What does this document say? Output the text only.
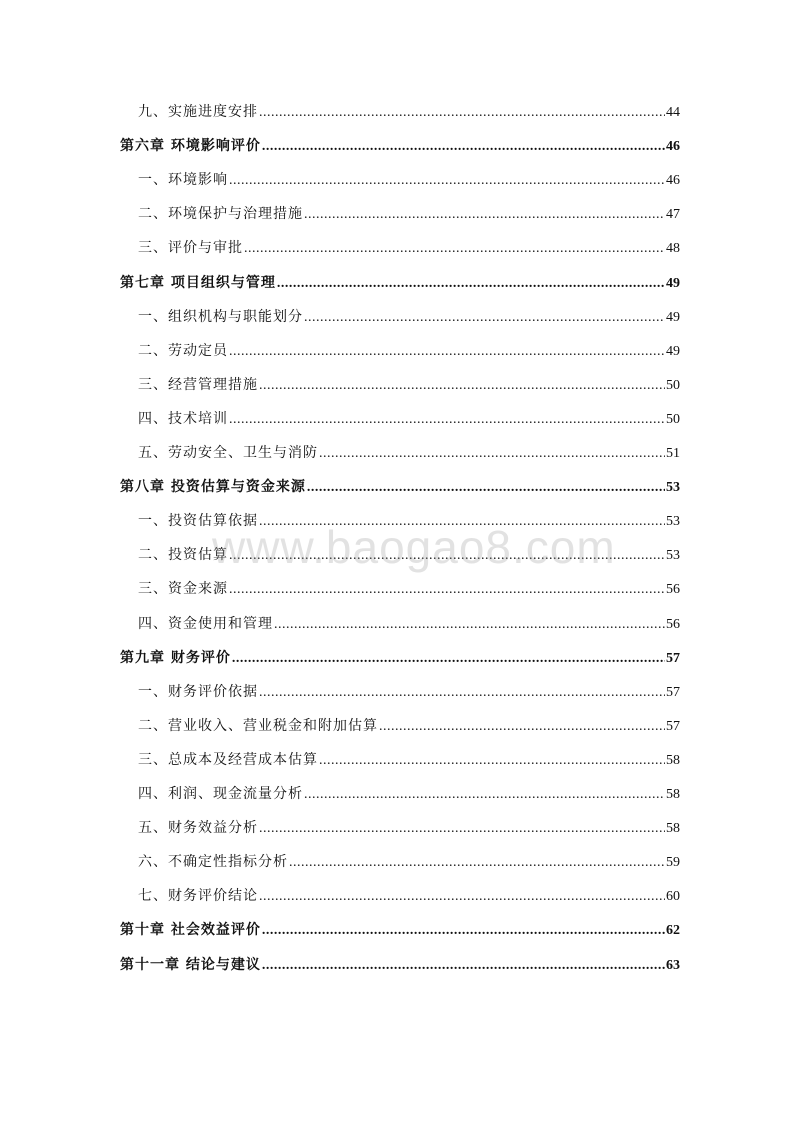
九、实施进度安排 .....	44
第六章 环境影响评价 .....	46
一、环境影响 .....	46
二、环境保护与治理措施 .....	47
三、评价与审批 .....	48
第七章 项目组织与管理 .....	49
一、组织机构与职能划分 .....	49
二、劳动定员 .....	49
三、经营管理措施 .....	50
四、技术培训 .....	50
五、劳动安全、卫生与消防 .....	51
第八章 投资估算与资金来源 .....	53
一、投资估算依据 .....	53
二、投资估算 .....	53
三、资金来源 .....	56
四、资金使用和管理 .....	56
第九章 财务评价 .....	57
一、财务评价依据 .....	57
二、营业收入、营业税金和附加估算 .....	57
三、总成本及经营成本估算 .....	58
四、利润、现金流量分析 .....	58
五、财务效益分析 .....	58
六、不确定性指标分析 .....	59
七、财务评价结论 .....	60
第十章 社会效益评价 .....	62
第十一章 结论与建议 .....	63
www.baogao8.com
